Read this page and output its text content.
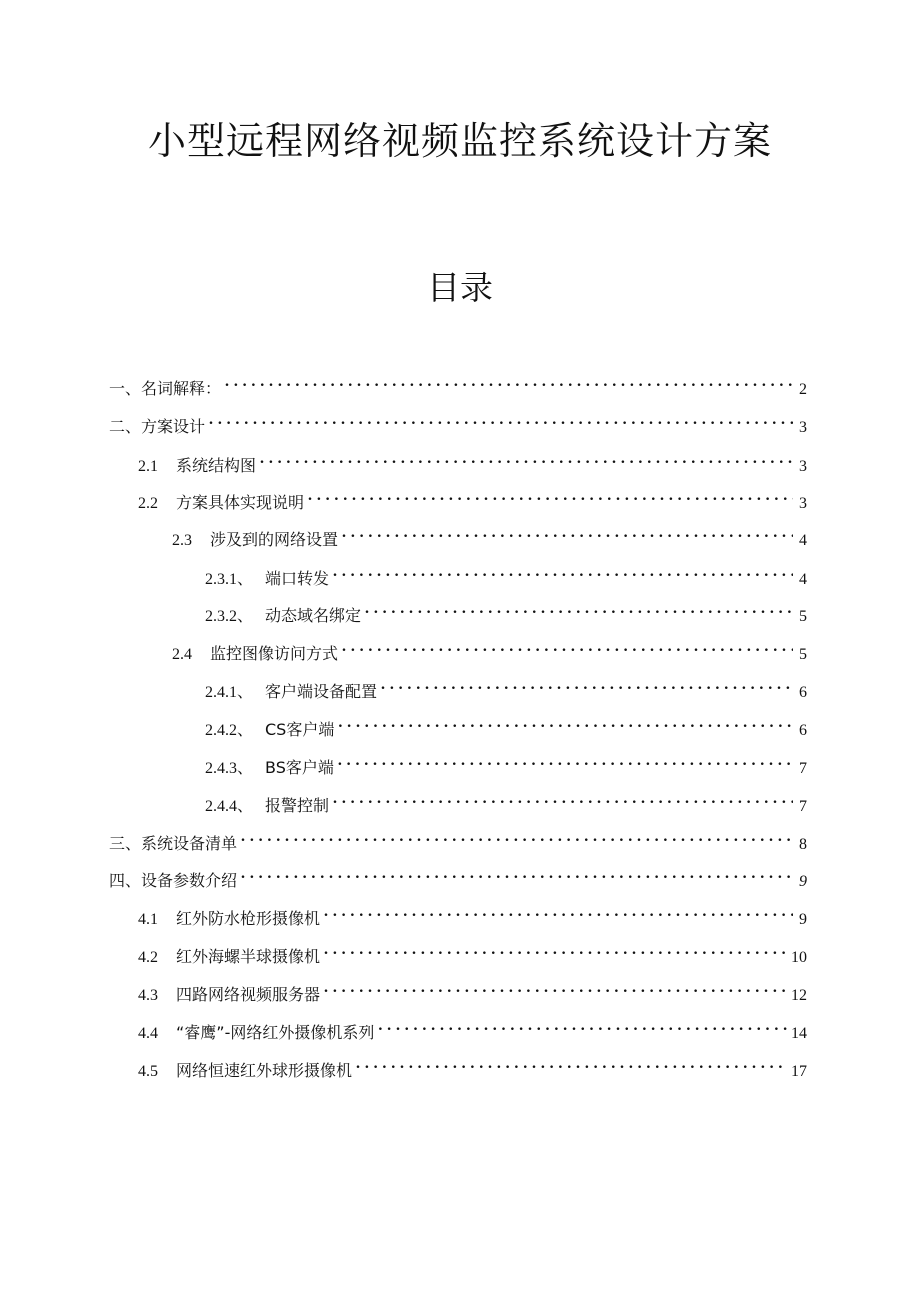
小型远程网络视频监控系统设计方案
目录
一、名词解释： . . .	2
二、方案设计 . . .	3
2.1	系统结构图 . . .	3
2.2	方案具体实现说明 . . .	3
2.3	涉及到的网络设置 . . .	4
2.3.1、 端口转发 . . .	4
2.3.2、 动态域名绑定 . . .	5
2.4	监控图像访问方式 . . .	5
2.4.1、 客户端设备配置 . . .	6
2.4.2、 CS客户端 . . .	6
2.4.3、 BS客户端 . . .	7
2.4.4、 报警控制 . . .	7
三、系统设备清单 . . .	8
四、设备参数介绍 . . .	9
4.1	红外防水枪形摄像机 . . .	9
4.2	红外海螺半球摄像机 . . .	10
4.3	四路网络视频服务器 . . .	12
4.4	“睿鹰”-网络红外摄像机系列 . . .	14
4.5	网络恒速红外球形摄像机 . . .	17
